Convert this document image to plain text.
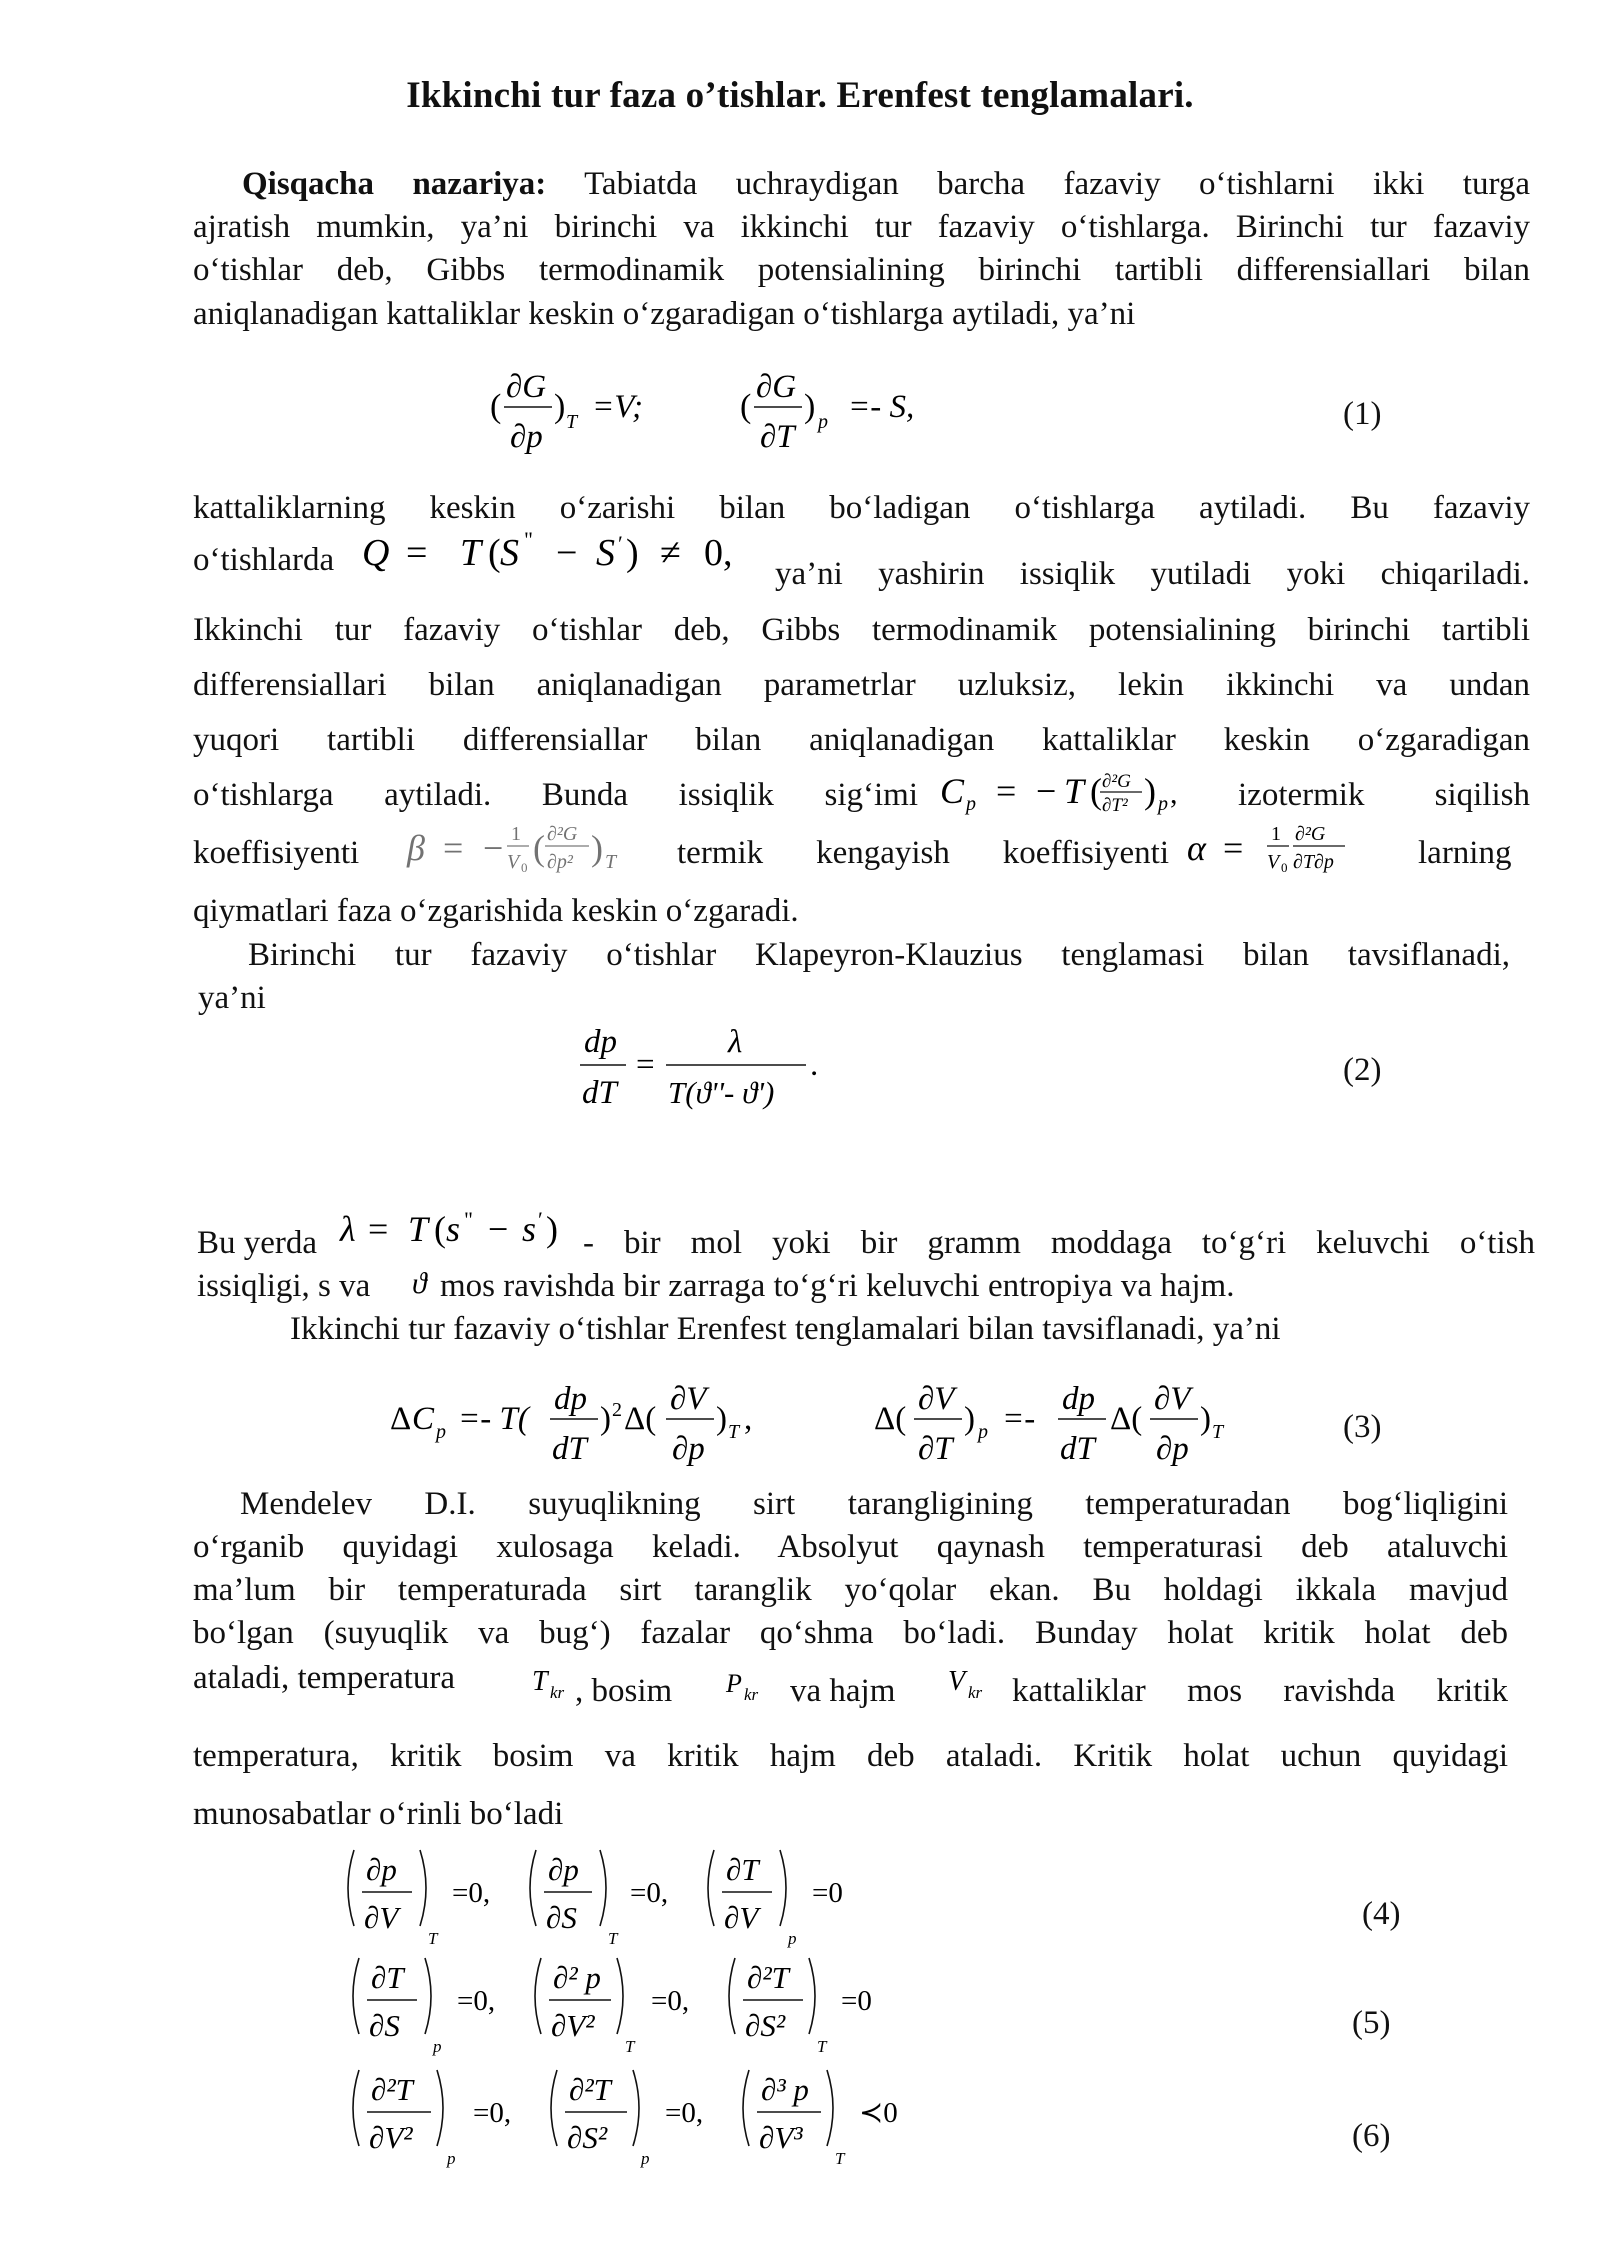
Ikkinchi tur faza o’tishlar. Erenfest tenglamalari.
Qisqacha nazariya: Tabiatda uchraydigan barcha fazaviy o‘tishlarni ikki turga
ajratish mumkin, ya’ni birinchi va ikkinchi tur fazaviy o‘tishlarga. Birinchi tur fazaviy
o‘tishlar deb, Gibbs termodinamik potensialining birinchi tartibli differensiallari bilan
aniqlanadigan kattaliklar keskin o‘zgaradigan o‘tishlarga aytiladi, ya’ni
(
∂G
∂p
) T =V;	(
∂G
∂T
) p =- S,	(1)
kattaliklarning keskin o‘zarishi bilan bo‘ladigan o‘tishlarga aytiladi. Bu fazaviy
o‘tishlarda Q = T ( S " − S ′ ) ≠ 0, ya’ni yashirin issiqlik yutiladi yoki chiqariladi.
Ikkinchi tur fazaviy o‘tishlar deb, Gibbs termodinamik potensialining birinchi tartibli
differensiallari bilan aniqlanadigan parametrlar uzluksiz, lekin ikkinchi va undan
yuqori tartibli differensiallar bilan aniqlanadigan kattaliklar keskin o‘zgaradigan
o‘tishlarga aytiladi. Bunda issiqlik sig‘imi C p = − T ( ∂²G
∂T² ) p , izotermik siqilish
koeffisiyenti β = − 1
V 0 ( ∂²G
∂p² ) T termik kengayish koeffisiyenti α = 1
V 0
∂²G
∂T∂p	larning
qiymatlari faza o‘zgarishida keskin o‘zgaradi.
Birinchi tur fazaviy o‘tishlar Klapeyron-Klauzius tenglamasi bilan tavsiflanadi,
ya’ni
dp
dT
=
λ
T(ϑ''- ϑ')
.	(2)
Bu yerda λ = T ( s " − s ′ ) - bir mol yoki bir gramm moddaga to‘g‘ri keluvchi o‘tish
issiqligi, s va ϑ mos ravishda bir zarraga to‘g‘ri keluvchi entropiya va hajm.
Ikkinchi tur fazaviy o‘tishlar Erenfest tenglamalari bilan tavsiflanadi, ya’ni
Δ C p =- T(
dp
dT
) 2 Δ(
∂V
∂p
) T ,	Δ(
∂V
∂T
) p =-
dp
dT
Δ(
∂V
∂p
) T	(3)
Mendelev D.I. suyuqlikning sirt tarangligining temperaturadan bog‘liqligini
o‘rganib quyidagi xulosaga keladi. Absolyut qaynash temperaturasi deb ataluvchi
ma’lum bir temperaturada sirt taranglik yo‘qolar ekan. Bu holdagi ikkala mavjud
bo‘lgan (suyuqlik va bug‘) fazalar qo‘shma bo‘ladi. Bunday holat kritik holat deb
ataladi, temperatura	T kr , bosim P kr va hajm V kr kattaliklar mos ravishda kritik
temperatura, kritik bosim va kritik hajm deb ataladi. Kritik holat uchun quyidagi
munosabatlar o‘rinli bo‘ladi
∂p
∂V
T
=0,
∂p
∂S
T
=0,
∂T
∂V
p
=0
(4)
∂T
∂S
p
=0,
∂² p
∂V²
T
=0,
∂²T
∂S²
T
=0
(5)
∂²T
∂V²
p
=0,
∂²T
∂S²
p
=0,
∂³ p
∂V³
T
≺0
(6)
